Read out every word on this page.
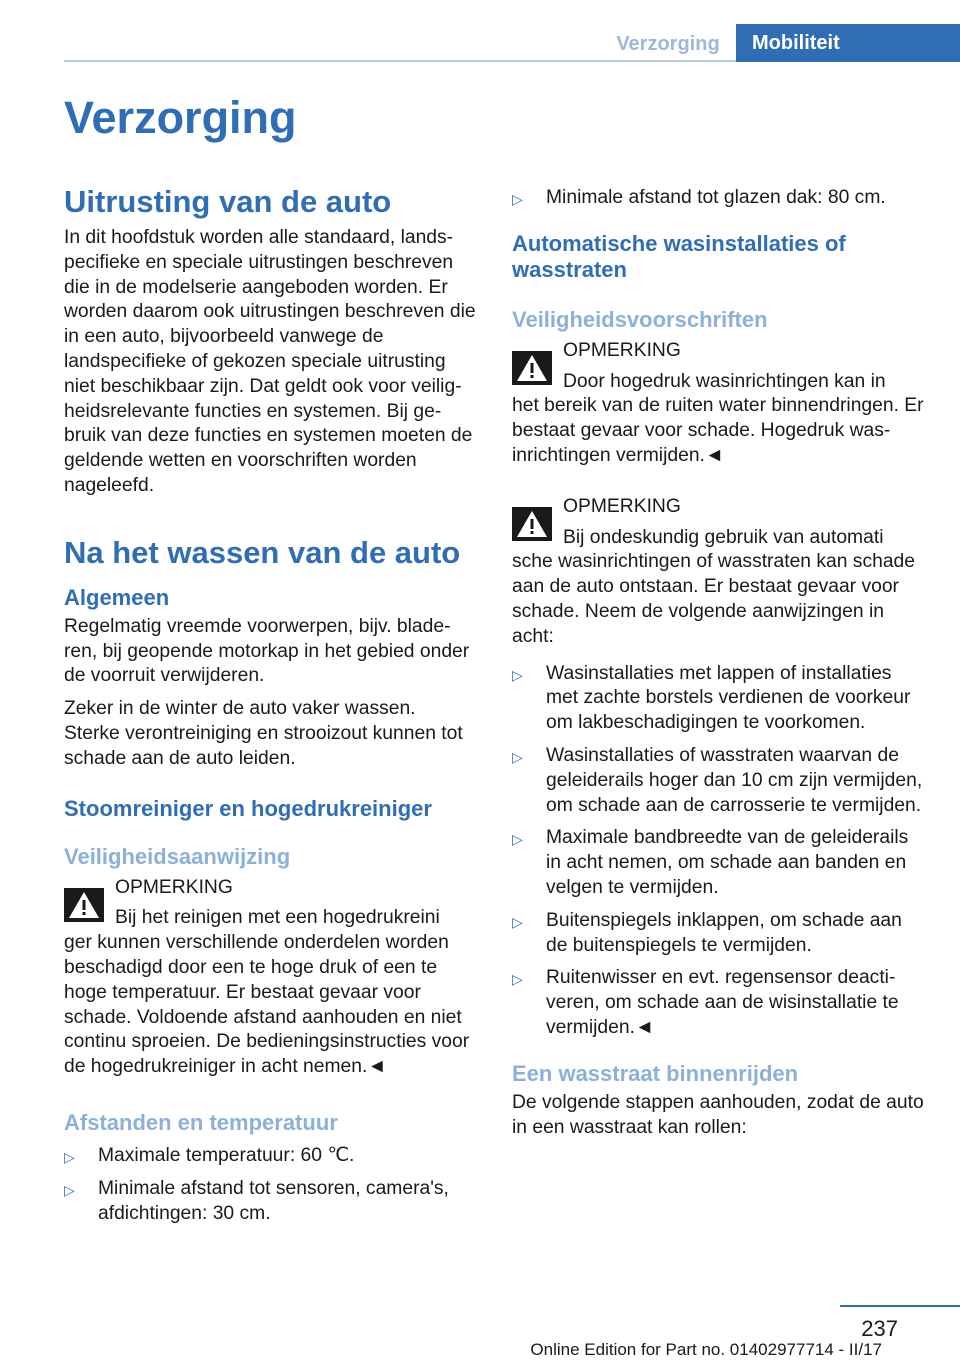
Verzorging	Mobiliteit
Verzorging
Uitrusting van de auto

In dit hoofdstuk worden alle standaard, landspecifieke en speciale uitrustingen beschreven die in de modelserie aangeboden worden. Er worden daarom ook uitrustingen beschreven die in een auto, bijvoorbeeld vanwege de landspecifieke of gekozen speciale uitrusting niet beschikbaar zijn. Dat geldt ook voor veiligheidsrelevante functies en systemen. Bij gebruik van deze functies en systemen moeten de geldende wetten en voorschriften worden nageleefd.

Na het wassen van de auto
Algemeen

Regelmatig vreemde voorwerpen, bijv. bladeren, bij geopende motorkap in het gebied onder de voorruit verwijderen.

Zeker in de winter de auto vaker wassen. Sterke verontreiniging en strooizout kunnen tot schade aan de auto leiden.

Stoomreiniger en hogedrukreiniger
Veiligheidsaanwijzing

OPMERKING

Bij het reinigen met een hogedrukreini

ger kunnen verschillende onderdelen worden beschadigd door een te hoge druk of een te hoge temperatuur. Er bestaat gevaar voor schade. Voldoende afstand aanhouden en niet continu sproeien. De bedieningsinstructies voor de hogedrukreiniger in acht nemen.◄

Afstanden en temperatuur
▷ Maximale temperatuur: 60 ℃.
▷ Minimale afstand tot sensoren, camera's, afdichtingen: 30 cm.
▷ Minimale afstand tot glazen dak: 80 cm.
Automatische wasinstallaties of wasstraten
Veiligheidsvoorschriften

OPMERKING

Door hogedruk wasinrichtingen kan in

het bereik van de ruiten water binnendringen. Er bestaat gevaar voor schade. Hogedruk wasinrichtingen vermijden.◄

OPMERKING

Bij ondeskundig gebruik van automati

sche wasinrichtingen of wasstraten kan schade aan de auto ontstaan. Er bestaat gevaar voor schade. Neem de volgende aanwijzingen in acht:

▷ Wasinstallaties met lappen of installaties met zachte borstels verdienen de voorkeur om lakbeschadigingen te voorkomen.
▷ Wasinstallaties of wasstraten waarvan de geleiderails hoger dan 10 cm zijn vermijden, om schade aan de carrosserie te vermijden.
▷ Maximale bandbreedte van de geleiderails in acht nemen, om schade aan banden en velgen te vermijden.
▷ Buitenspiegels inklappen, om schade aan de buitenspiegels te vermijden.
▷ Ruitenwisser en evt. regensensor deactiveren, om schade aan de wisinstallatie te vermijden.◄
Een wasstraat binnenrijden

De volgende stappen aanhouden, zodat de auto in een wasstraat kan rollen:

237
Online Edition for Part no. 01402977714 - II/17
